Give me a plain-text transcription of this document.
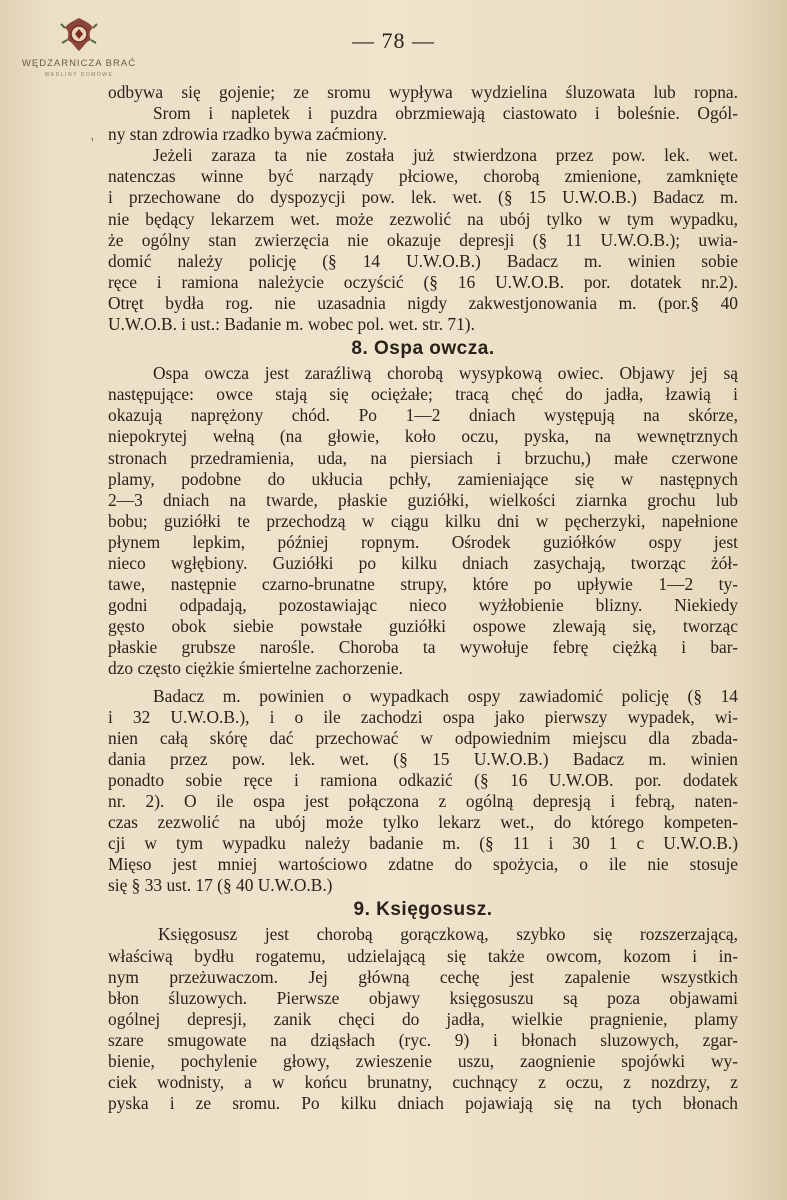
WĘDZARNICZA BRAĆ
WEDLINY DOMOWE
— 78 —
'
odbywa się gojenie; ze sromu wypływa wydzielina śluzowata lub ropna.
Srom i napletek i puzdra obrzmiewają ciastowato i boleśnie. Ogól-
ny stan zdrowia rzadko bywa zaćmiony.
Jeżeli zaraza ta nie została już stwierdzona przez pow. lek. wet.
natenczas winne być narządy płciowe, chorobą zmienione, zamknięte
i przechowane do dyspozycji pow. lek. wet. (§ 15 U.W.O.B.) Badacz m.
nie będący lekarzem wet. może zezwolić na ubój tylko w tym wypadku,
że ogólny stan zwierzęcia nie okazuje depresji (§ 11 U.W.O.B.); uwia-
domić należy policję (§ 14 U.W.O.B.) Badacz m. winien sobie
ręce i ramiona należycie oczyścić (§ 16 U.W.O.B. por. dotatek nr.2).
Otręt bydła rog. nie uzasadnia nigdy zakwestjonowania m. (por.§ 40
U.W.O.B. i ust.: Badanie m. wobec pol. wet. str. 71).
8. Ospa owcza.
Ospa owcza jest zaraźliwą chorobą wysypkową owiec. Objawy jej są
następujące: owce stają się ociężałe; tracą chęć do jadła, łzawią i
okazują naprężony chód. Po 1—2 dniach występują na skórze,
niepokrytej wełną (na głowie, koło oczu, pyska, na wewnętrznych
stronach przedramienia, uda, na piersiach i brzuchu,) małe czerwone
plamy, podobne do ukłucia pchły, zamieniające się w następnych
2—3 dniach na twarde, płaskie guziółki, wielkości ziarnka grochu lub
bobu; guziółki te przechodzą w ciągu kilku dni w pęcherzyki, napełnione
płynem lepkim, później ropnym. Ośrodek guziółków ospy jest
nieco wgłębiony. Guziółki po kilku dniach zasychają, tworząc żół-
tawe, następnie czarno-brunatne strupy, które po upływie 1—2 ty-
godni odpadają, pozostawiając nieco wyżłobienie blizny. Niekiedy
gęsto obok siebie powstałe guziółki ospowe zlewają się, tworząc
płaskie grubsze narośle. Choroba ta wywołuje febrę ciężką i bar-
dzo często ciężkie śmiertelne zachorzenie.
Badacz m. powinien o wypadkach ospy zawiadomić policję (§ 14
i 32 U.W.O.B.), i o ile zachodzi ospa jako pierwszy wypadek, wi-
nien całą skórę dać przechować w odpowiednim miejscu dla zbada-
dania przez pow. lek. wet. (§ 15 U.W.O.B.) Badacz m. winien
ponadto sobie ręce i ramiona odkazić (§ 16 U.W.OB. por. dodatek
nr. 2). O ile ospa jest połączona z ogólną depresją i febrą, naten-
czas zezwolić na ubój może tylko lekarz wet., do którego kompeten-
cji w tym wypadku należy badanie m. (§ 11 i 30 1 c U.W.O.B.)
Mięso jest mniej wartościowo zdatne do spożycia, o ile nie stosuje
się § 33 ust. 17 (§ 40 U.W.O.B.)
9. Księgosusz.
Księgosusz jest chorobą gorączkową, szybko się rozszerzającą,
właściwą bydłu rogatemu, udzielającą się także owcom, kozom i in-
nym przeżuwaczom. Jej główną cechę jest zapalenie wszystkich
błon śluzowych. Pierwsze objawy księgosuszu są poza objawami
ogólnej depresji, zanik chęci do jadła, wielkie pragnienie, plamy
szare smugowate na dziąsłach (ryc. 9) i błonach sluzowych, zgar-
bienie, pochylenie głowy, zwieszenie uszu, zaognienie spojówki wy-
ciek wodnisty, a w końcu brunatny, cuchnący z oczu, z nozdrzy, z
pyska i ze sromu. Po kilku dniach pojawiają się na tych błonach
